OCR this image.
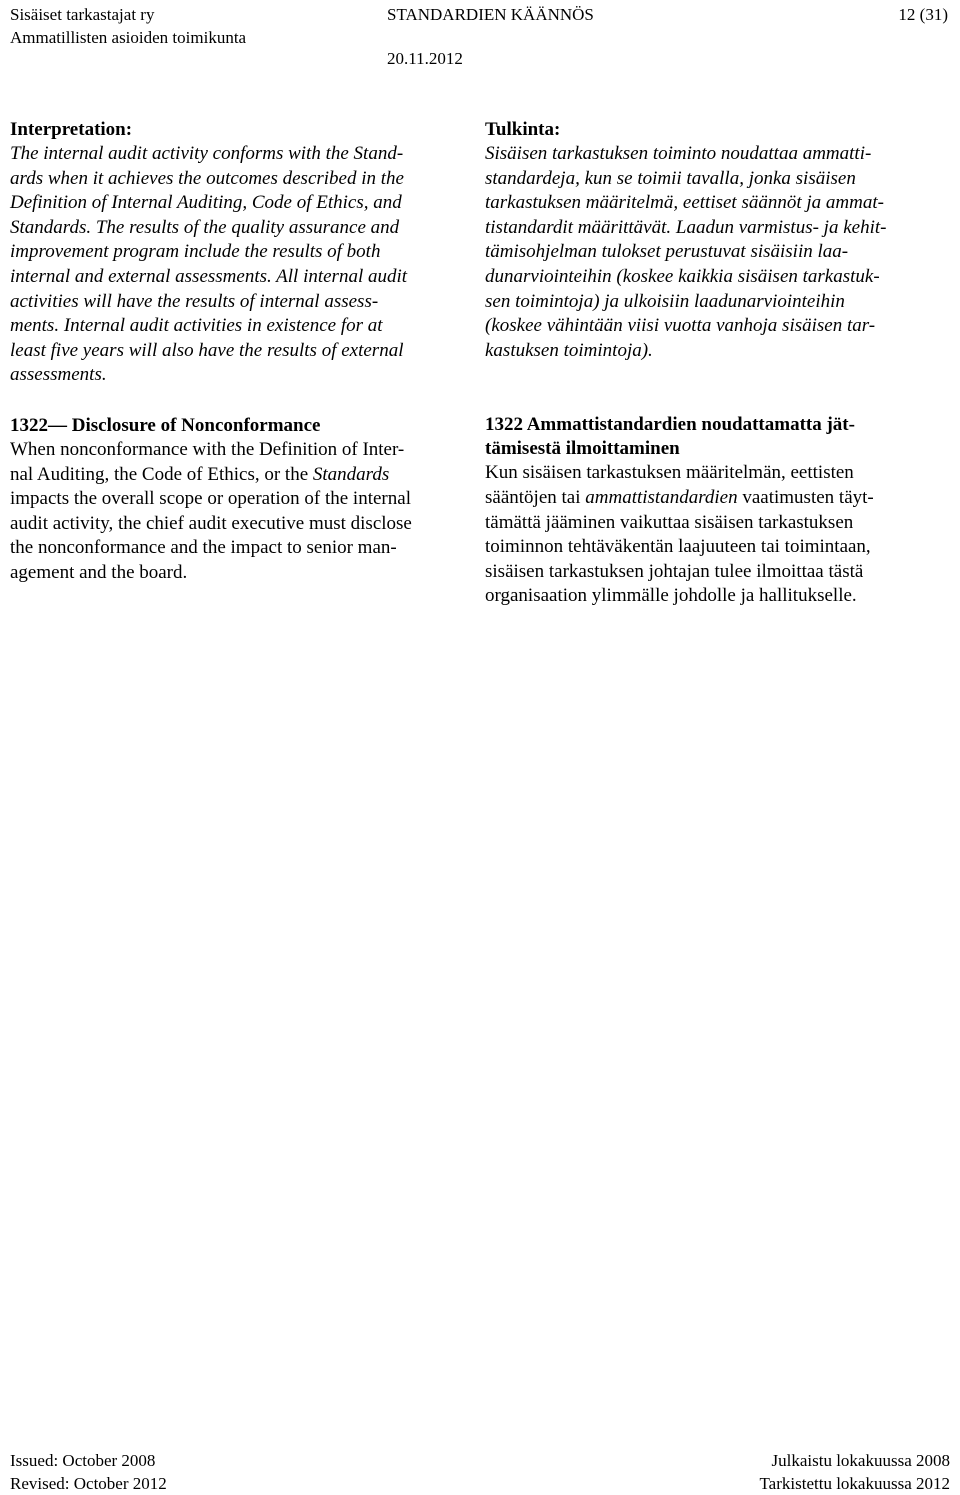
Sisäiset tarkastajat ry
Ammatillisten asioiden toimikunta
STANDARDIEN KÄÄNNÖS
20.11.2012
12 (31)
Interpretation:
The internal audit activity conforms with the Stand-
ards when it achieves the outcomes described in the
Definition of Internal Auditing, Code of Ethics, and
Standards. The results of the quality assurance and
improvement program include the results of both
internal and external assessments. All internal audit
activities will have the results of internal assess-
ments. Internal audit activities in existence for at
least five years will also have the results of external
assessments.
1322— Disclosure of Nonconformance
When nonconformance with the Definition of Inter-
nal Auditing, the Code of Ethics, or the Standards
impacts the overall scope or operation of the internal
audit activity, the chief audit executive must disclose
the nonconformance and the impact to senior man-
agement and the board.
Tulkinta:
Sisäisen tarkastuksen toiminto noudattaa ammatti-
standardeja, kun se toimii tavalla, jonka sisäisen
tarkastuksen määritelmä, eettiset säännöt ja ammat-
tistandardit määrittävät. Laadun varmistus- ja kehit-
tämisohjelman tulokset perustuvat sisäisiin laa-
dunarviointeihin (koskee kaikkia sisäisen tarkastuk-
sen toimintoja) ja ulkoisiin laadunarviointeihin
(koskee vähintään viisi vuotta vanhoja sisäisen tar-
kastuksen toimintoja).
1322 Ammattistandardien noudattamatta jät-
tämisestä ilmoittaminen
Kun sisäisen tarkastuksen määritelmän, eettisten
sääntöjen tai ammattistandardien vaatimusten täyt-
tämättä jääminen vaikuttaa sisäisen tarkastuksen
toiminnon tehtäväkentän laajuuteen tai toimintaan,
sisäisen tarkastuksen johtajan tulee ilmoittaa tästä
organisaation ylimmälle johdolle ja hallitukselle.
Issued: October 2008
Revised: October 2012
Julkaistu lokakuussa 2008
Tarkistettu lokakuussa 2012
